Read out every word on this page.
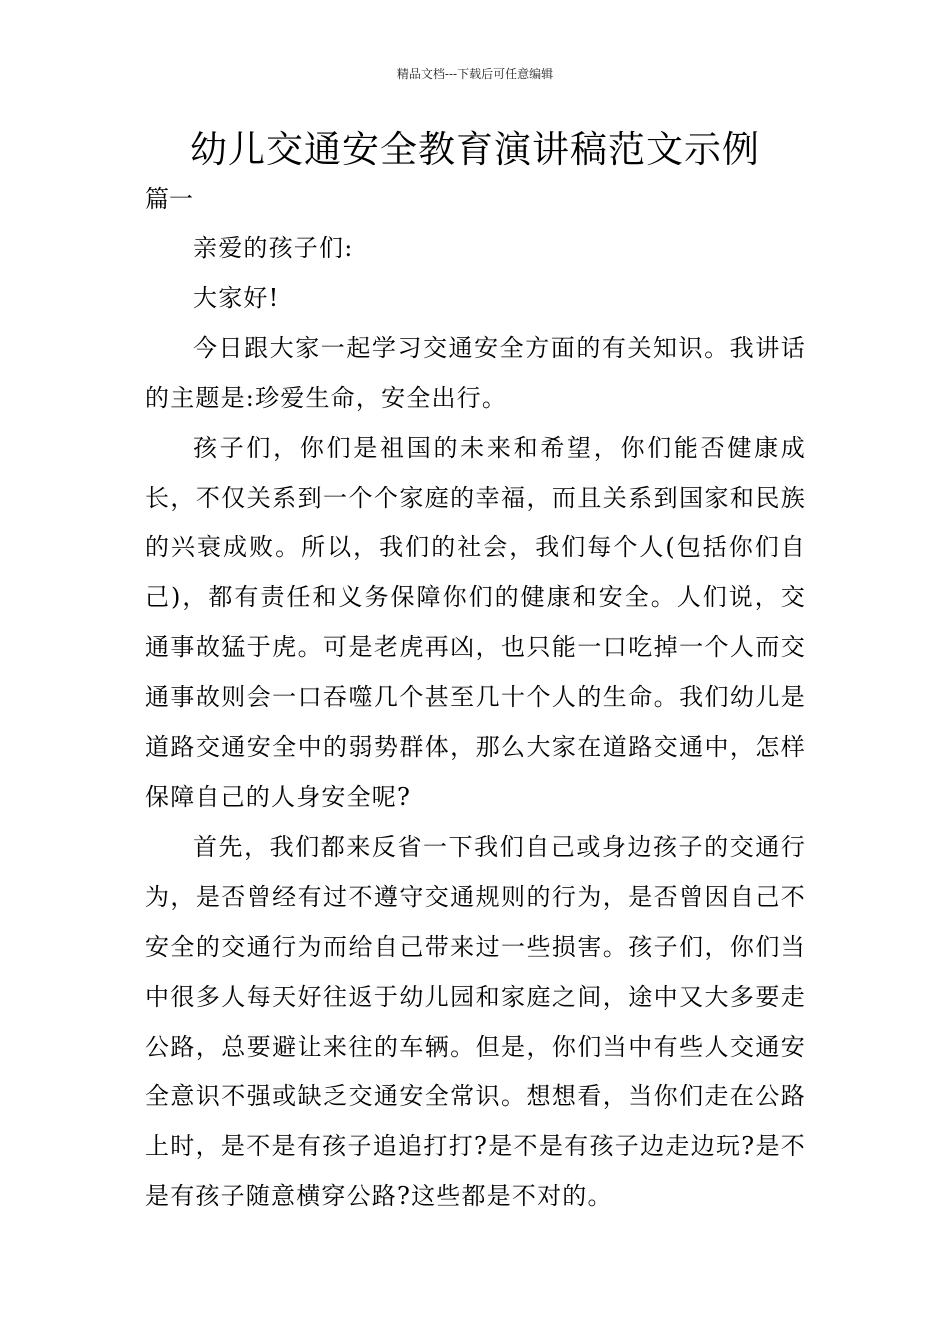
精品文档---下载后可任意编辑
幼儿交通安全教育演讲稿范文示例
篇一

亲爱的孩子们:

大家好!

今日跟大家一起学习交通安全方面的有关知识。我讲话的主题是:珍爱生命，安全出行。

孩子们，你们是祖国的未来和希望，你们能否健康成长，不仅关系到一个个家庭的幸福，而且关系到国家和民族的兴衰成败。所以，我们的社会，我们每个人(包括你们自己)，都有责任和义务保障你们的健康和安全。人们说，交通事故猛于虎。可是老虎再凶，也只能一口吃掉一个人而交通事故则会一口吞噬几个甚至几十个人的生命。我们幼儿是道路交通安全中的弱势群体，那么大家在道路交通中，怎样保障自己的人身安全呢?

首先，我们都来反省一下我们自己或身边孩子的交通行为，是否曾经有过不遵守交通规则的行为，是否曾因自己不安全的交通行为而给自己带来过一些损害。孩子们，你们当中很多人每天好往返于幼儿园和家庭之间，途中又大多要走公路，总要避让来往的车辆。但是，你们当中有些人交通安全意识不强或缺乏交通安全常识。想想看，当你们走在公路上时，是不是有孩子追追打打?是不是有孩子边走边玩?是不是有孩子随意横穿公路?这些都是不对的。
